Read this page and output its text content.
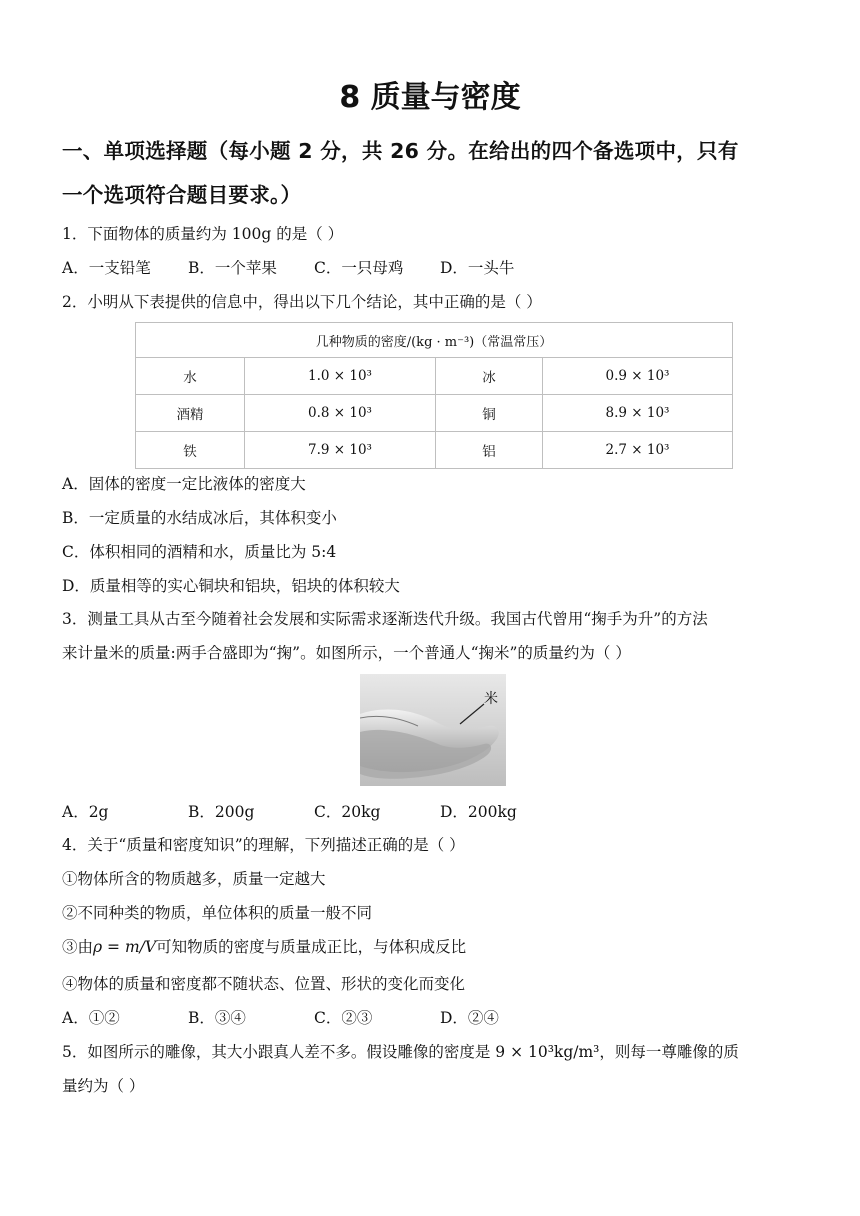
8 质量与密度
一、单项选择题（每小题 2 分，共 26 分。在给出的四个备选项中，只有
一个选项符合题目要求。）
1．下面物体的质量约为 100g 的是（ ）
A．一支铅笔 B．一个苹果 C．一只母鸡 D．一头牛
2．小明从下表提供的信息中，得出以下几个结论，其中正确的是（ ）
几种物质的密度/(kg · m⁻³)（常温常压）			
水	1.0 × 10³	冰	0.9 × 10³
酒精	0.8 × 10³	铜	8.9 × 10³
铁	7.9 × 10³	铝	2.7 × 10³
A．固体的密度一定比液体的密度大
B．一定质量的水结成冰后，其体积变小
C．体积相同的酒精和水，质量比为 5:4
D．质量相等的实心铜块和铝块，铝块的体积较大
3．测量工具从古至今随着社会发展和实际需求逐渐迭代升级。我国古代曾用“掬手为升”的方法
来计量米的质量:两手合盛即为“掬”。如图所示，一个普通人“掬米”的质量约为（ ）
米
A．2g	B．200g	C．20kg	D．200kg
4．关于“质量和密度知识”的理解，下列描述正确的是（ ）
①物体所含的物质越多，质量一定越大
②不同种类的物质，单位体积的质量一般不同
③由ρ = m/V可知物质的密度与质量成正比，与体积成反比
④物体的质量和密度都不随状态、位置、形状的变化而变化
A．①②	B．③④	C．②③	D．②④
5．如图所示的雕像，其大小跟真人差不多。假设雕像的密度是 9 × 10³kg/m³，则每一尊雕像的质
量约为（ ）
